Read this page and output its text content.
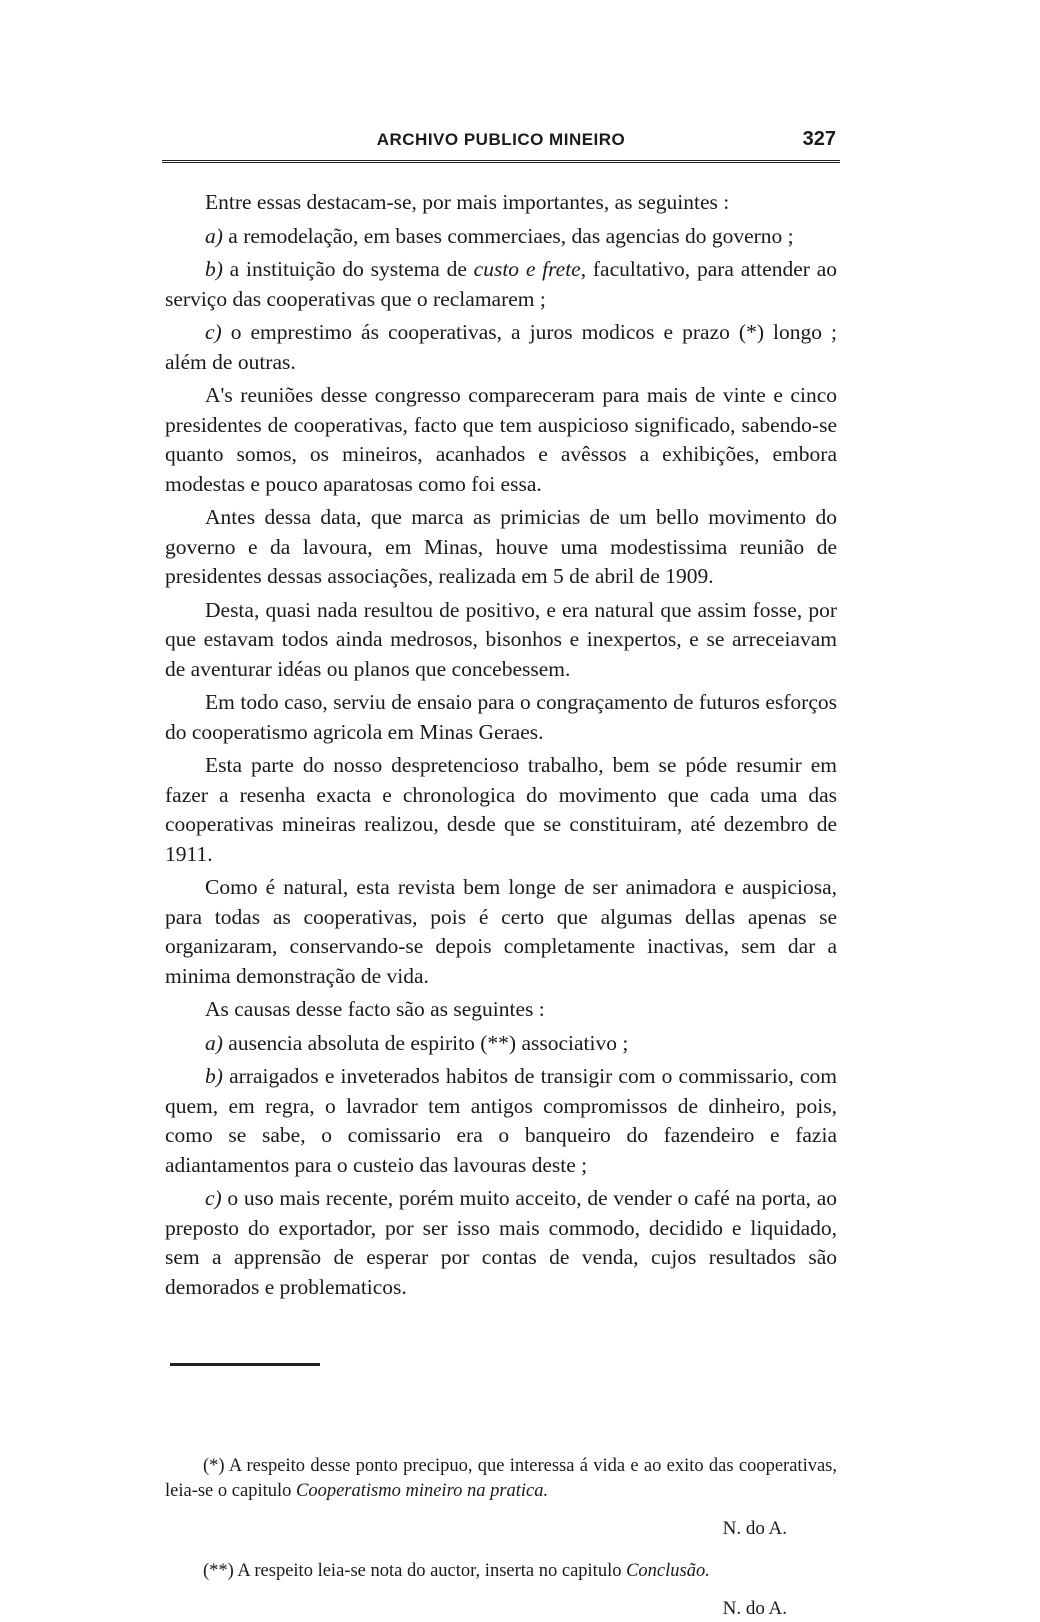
ARCHIVO PUBLICO MINEIRO	327

Entre essas destacam-se, por mais importantes, as seguintes :

a) a remodelação, em bases commerciaes, das agencias do governo ;

b) a instituição do systema de custo e frete, facultativo, para attender ao serviço das cooperativas que o reclamarem ;

c) o emprestimo ás cooperativas, a juros modicos e prazo (*) longo ; além de outras.

A's reuniões desse congresso compareceram para mais de vinte e cinco presidentes de cooperativas, facto que tem auspicioso significado, sabendo-se quanto somos, os mineiros, acanhados e avêssos a exhibições, embora modestas e pouco aparatosas como foi essa.

Antes dessa data, que marca as primicias de um bello movimento do governo e da lavoura, em Minas, houve uma modestissima reunião de presidentes dessas associações, realizada em 5 de abril de 1909.

Desta, quasi nada resultou de positivo, e era natural que assim fosse, por que estavam todos ainda medrosos, bisonhos e inexpertos, e se arreceiavam de aventurar idéas ou planos que concebessem.

Em todo caso, serviu de ensaio para o congraçamento de futuros esforços do cooperatismo agricola em Minas Geraes.

Esta parte do nosso despretencioso trabalho, bem se póde resumir em fazer a resenha exacta e chronologica do movimento que cada uma das cooperativas mineiras realizou, desde que se constituiram, até dezembro de 1911.

Como é natural, esta revista bem longe de ser animadora e auspiciosa, para todas as cooperativas, pois é certo que algumas dellas apenas se organizaram, conservando-se depois completamente inactivas, sem dar a minima demonstração de vida.

As causas desse facto são as seguintes :

a) ausencia absoluta de espirito (**) associativo ;

b) arraigados e inveterados habitos de transigir com o commissario, com quem, em regra, o lavrador tem antigos compromissos de dinheiro, pois, como se sabe, o comissario era o banqueiro do fazendeiro e fazia adiantamentos para o custeio das lavouras deste ;

c) o uso mais recente, porém muito acceito, de vender o café na porta, ao preposto do exportador, por ser isso mais commodo, decidido e liquidado, sem a apprensão de esperar por contas de venda, cujos resultados são demorados e problematicos.

(*) A respeito desse ponto precipuo, que interessa á vida e ao exito das cooperativas, leia-se o capitulo Cooperatismo mineiro na pratica.

N. do A.

(**) A respeito leia-se nota do auctor, inserta no capitulo Conclusão.

N. do A.
